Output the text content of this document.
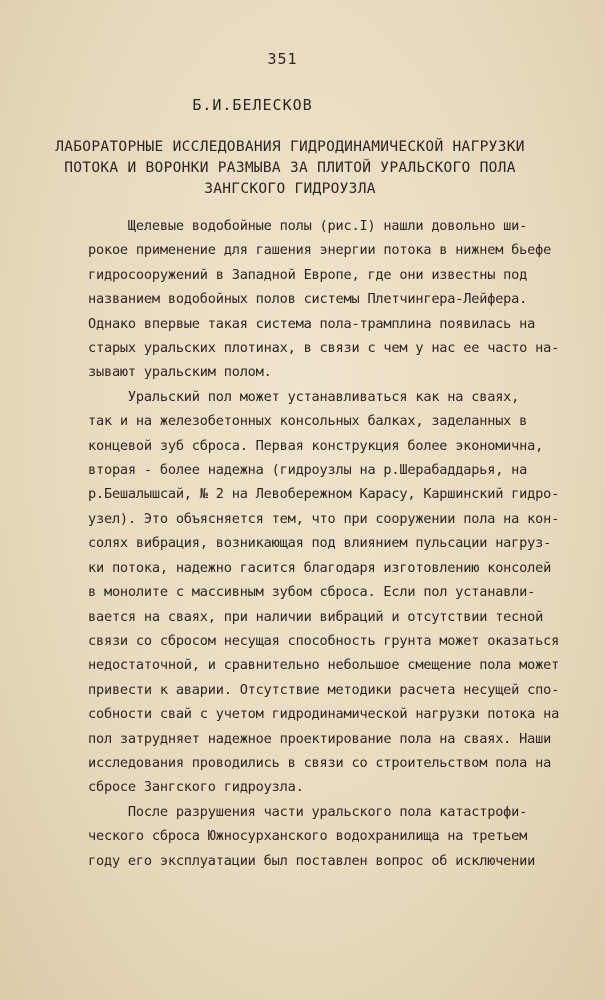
351
Б.И.БЕЛЕСКОВ
ЛАБОРАТОРНЫЕ ИССЛЕДОВАНИЯ ГИДРОДИНАМИЧЕСКОЙ НАГРУЗКИ
ПОТОКА И ВОРОНКИ РАЗМЫВА ЗА ПЛИТОЙ УРАЛЬСКОГО ПОЛА
ЗАНГСКОГО ГИДРОУЗЛА
Щелевые водобойные полы (рис.I) нашли довольно ши-
рокое применение для гашения энергии потока в нижнем бьефе
гидросооружений в Западной Европе, где они известны под
названием водобойных полов системы Плетчингера-Лейфера.
Однако впервые такая система пола-трамплина появилась на
старых уральских плотинах, в связи с чем у нас ее часто на-
зывают уральским полом.
Уральский пол может устанавливаться как на сваях,
так и на железобетонных консольных балках, заделанных в
концевой зуб сброса. Первая конструкция более экономична,
вторая - более надежна (гидроузлы на р.Шерабаддарья, на
р.Бешалышсай, № 2 на Левобережном Карасу, Каршинский гидро-
узел). Это объясняется тем, что при сооружении пола на кон-
солях вибрация, возникающая под влиянием пульсации нагруз-
ки потока, надежно гасится благодаря изготовлению консолей
в монолите с массивным зубом сброса. Если пол устанавли-
вается на сваях, при наличии вибраций и отсутствии тесной
связи со сбросом несущая способность грунта может оказаться
недостаточной, и сравнительно небольшое смещение пола может
привести к аварии. Отсутствие методики расчета несущей спо-
собности свай с учетом гидродинамической нагрузки потока на
пол затрудняет надежное проектирование пола на сваях. Наши
исследования проводились в связи со строительством пола на
сбросе Зангского гидроузла.
После разрушения части уральского пола катастрофи-
ческого сброса Южносурханского водохранилища на третьем
году его эксплуатации был поставлен вопрос об исключении
